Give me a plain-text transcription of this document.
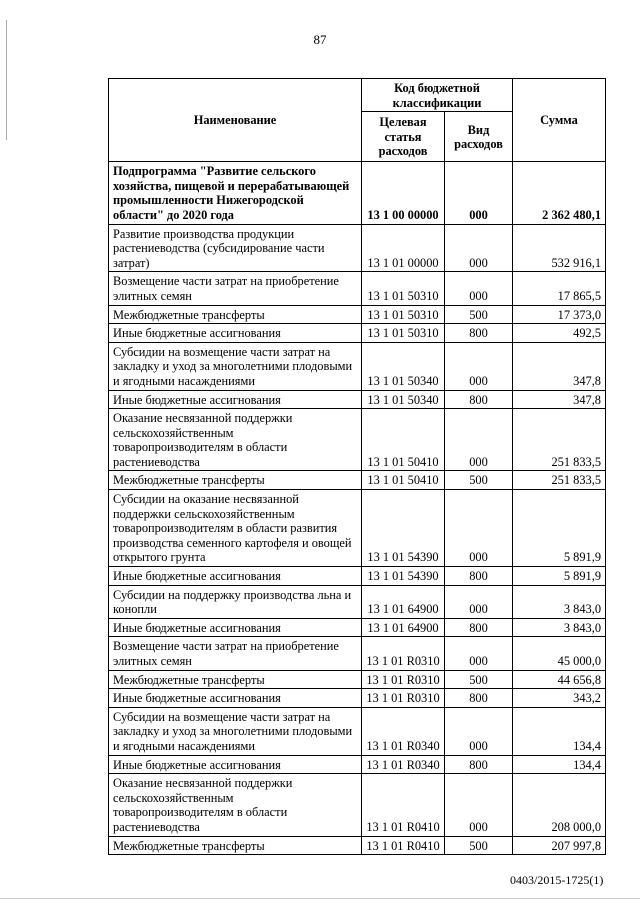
87
Наименование	Код бюджетной классификации		Сумма
	Целевая статья расходов	Вид расходов	
Подпрограмма "Развитие сельского хозяйства, пищевой и перерабатывающей промышленности Нижегородской области" до 2020 года	13 1 00 00000	000	2 362 480,1
Развитие производства продукции растениеводства (субсидирование части затрат)	13 1 01 00000	000	532 916,1
Возмещение части затрат на приобретение элитных семян	13 1 01 50310	000	17 865,5
Межбюджетные трансферты	13 1 01 50310	500	17 373,0
Иные бюджетные ассигнования	13 1 01 50310	800	492,5
Субсидии на возмещение части затрат на закладку и уход за многолетними плодовыми и ягодными насаждениями	13 1 01 50340	000	347,8
Иные бюджетные ассигнования	13 1 01 50340	800	347,8
Оказание несвязанной поддержки сельскохозяйственным товаропроизводителям в области растениеводства	13 1 01 50410	000	251 833,5
Межбюджетные трансферты	13 1 01 50410	500	251 833,5
Субсидии на оказание несвязанной поддержки сельскохозяйственным товаропроизводителям в области развития производства семенного картофеля и овощей открытого грунта	13 1 01 54390	000	5 891,9
Иные бюджетные ассигнования	13 1 01 54390	800	5 891,9
Субсидии на поддержку производства льна и конопли	13 1 01 64900	000	3 843,0
Иные бюджетные ассигнования	13 1 01 64900	800	3 843,0
Возмещение части затрат на приобретение элитных семян	13 1 01 R0310	000	45 000,0
Межбюджетные трансферты	13 1 01 R0310	500	44 656,8
Иные бюджетные ассигнования	13 1 01 R0310	800	343,2
Субсидии на возмещение части затрат на закладку и уход за многолетними плодовыми и ягодными насаждениями	13 1 01 R0340	000	134,4
Иные бюджетные ассигнования	13 1 01 R0340	800	134,4
Оказание несвязанной поддержки сельскохозяйственным товаропроизводителям в области растениеводства	13 1 01 R0410	000	208 000,0
Межбюджетные трансферты	13 1 01 R0410	500	207 997,8
0403/2015-1725(1)
